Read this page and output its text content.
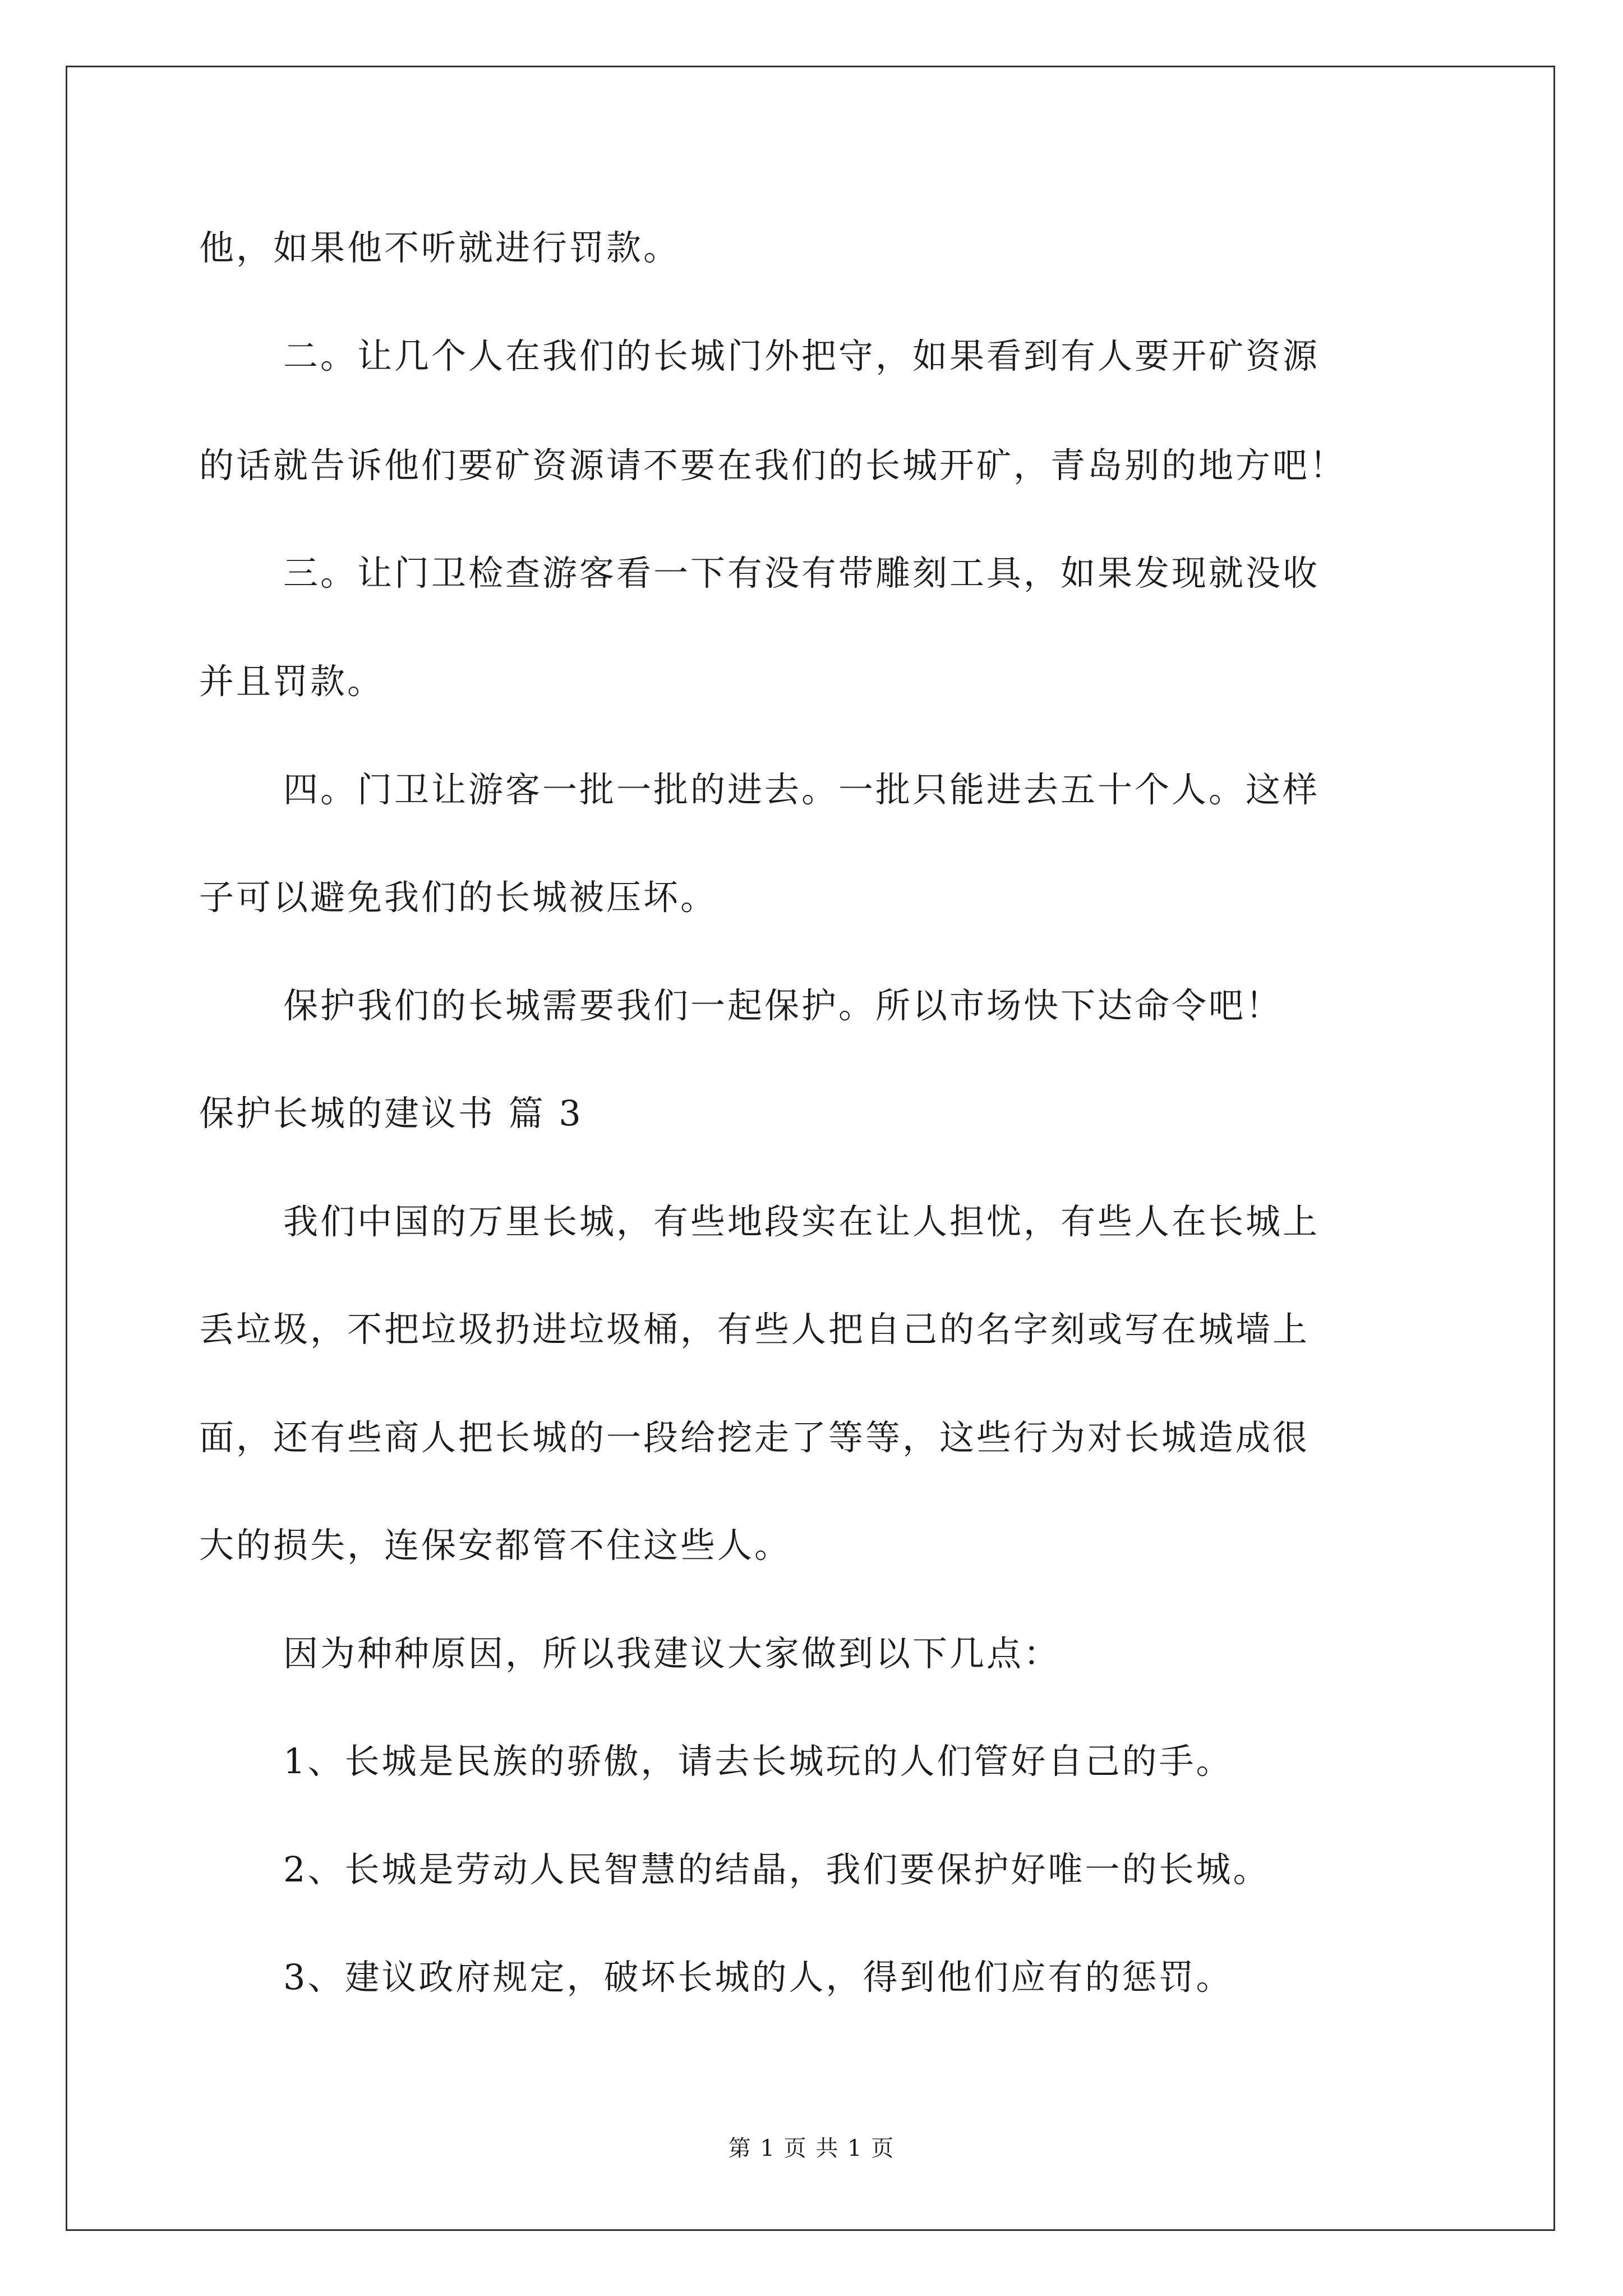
他，如果他不听就进行罚款。
二。让几个人在我们的长城门外把守，如果看到有人要开矿资源
的话就告诉他们要矿资源请不要在我们的长城开矿，青岛别的地方吧！
三。让门卫检查游客看一下有没有带雕刻工具，如果发现就没收
并且罚款。
四。门卫让游客一批一批的进去。一批只能进去五十个人。这样
子可以避免我们的长城被压坏。
保护我们的长城需要我们一起保护。所以市场快下达命令吧！
保护长城的建议书 篇 3
我们中国的万里长城，有些地段实在让人担忧，有些人在长城上
丢垃圾，不把垃圾扔进垃圾桶，有些人把自己的名字刻或写在城墙上
面，还有些商人把长城的一段给挖走了等等，这些行为对长城造成很
大的损失，连保安都管不住这些人。
因为种种原因，所以我建议大家做到以下几点：
1、长城是民族的骄傲，请去长城玩的人们管好自己的手。
2、长城是劳动人民智慧的结晶，我们要保护好唯一的长城。
3、建议政府规定，破坏长城的人，得到他们应有的惩罚。
第 1 页 共 1 页
